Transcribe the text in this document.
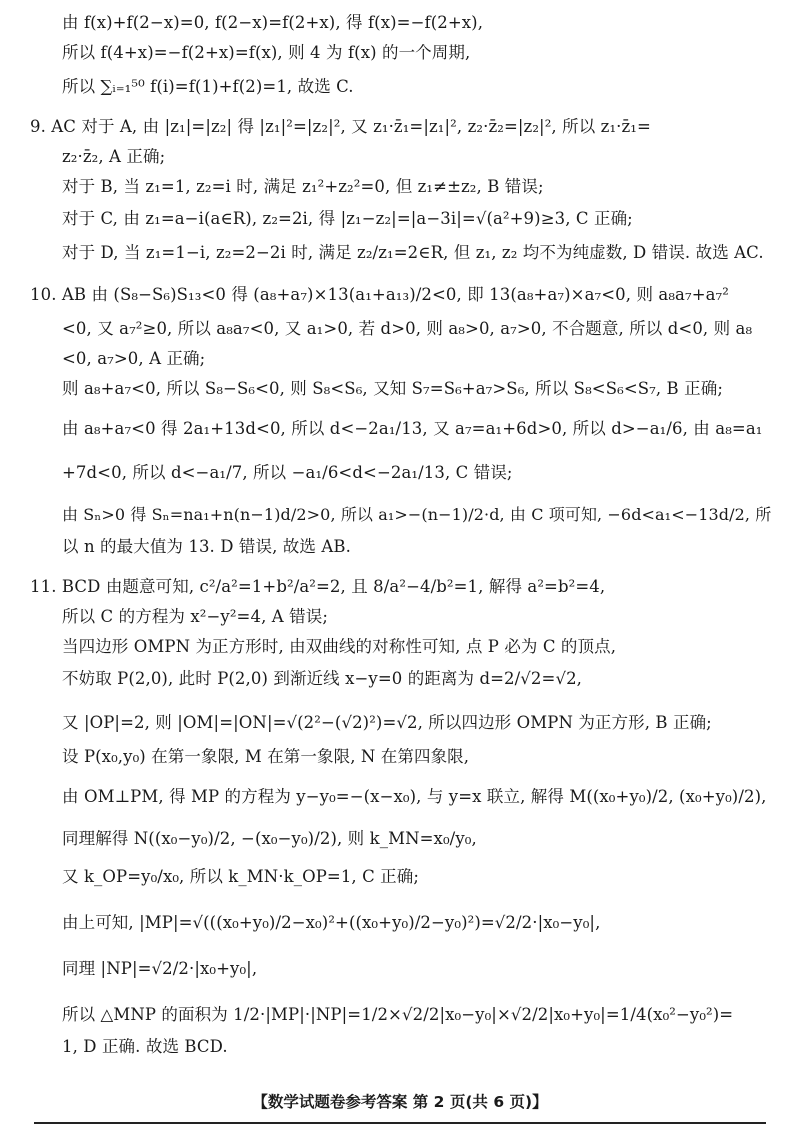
由 f(x)+f(2−x)=0, f(2−x)=f(2+x), 得 f(x)=−f(2+x),
所以 f(4+x)=−f(2+x)=f(x), 则 4 为 f(x) 的一个周期,
所以 ∑ᵢ₌₁⁵⁰ f(i)=f(1)+f(2)=1, 故选 C.
9. AC 对于 A, 由 |z₁|=|z₂| 得 |z₁|²=|z₂|², 又 z₁·z̄₁=|z₁|², z₂·z̄₂=|z₂|², 所以 z₁·z̄₁=
z₂·z̄₂, A 正确;
对于 B, 当 z₁=1, z₂=i 时, 满足 z₁²+z₂²=0, 但 z₁≠±z₂, B 错误;
对于 C, 由 z₁=a−i(a∈R), z₂=2i, 得 |z₁−z₂|=|a−3i|=√(a²+9)≥3, C 正确;
对于 D, 当 z₁=1−i, z₂=2−2i 时, 满足 z₂/z₁=2∈R, 但 z₁, z₂ 均不为纯虚数, D 错误. 故选 AC.
10. AB 由 (S₈−S₆)S₁₃<0 得 (a₈+a₇)×13(a₁+a₁₃)/2<0, 即 13(a₈+a₇)×a₇<0, 则 a₈a₇+a₇²
<0, 又 a₇²≥0, 所以 a₈a₇<0, 又 a₁>0, 若 d>0, 则 a₈>0, a₇>0, 不合题意, 所以 d<0, 则 a₈
<0, a₇>0, A 正确;
则 a₈+a₇<0, 所以 S₈−S₆<0, 则 S₈<S₆, 又知 S₇=S₆+a₇>S₆, 所以 S₈<S₆<S₇, B 正确;
由 a₈+a₇<0 得 2a₁+13d<0, 所以 d<−2a₁/13, 又 a₇=a₁+6d>0, 所以 d>−a₁/6, 由 a₈=a₁
+7d<0, 所以 d<−a₁/7, 所以 −a₁/6<d<−2a₁/13, C 错误;
由 Sₙ>0 得 Sₙ=na₁+n(n−1)d/2>0, 所以 a₁>−(n−1)/2·d, 由 C 项可知, −6d<a₁<−13d/2, 所
以 n 的最大值为 13. D 错误, 故选 AB.
11. BCD 由题意可知, c²/a²=1+b²/a²=2, 且 8/a²−4/b²=1, 解得 a²=b²=4,
所以 C 的方程为 x²−y²=4, A 错误;
当四边形 OMPN 为正方形时, 由双曲线的对称性可知, 点 P 必为 C 的顶点,
不妨取 P(2,0), 此时 P(2,0) 到渐近线 x−y=0 的距离为 d=2/√2=√2,
又 |OP|=2, 则 |OM|=|ON|=√(2²−(√2)²)=√2, 所以四边形 OMPN 为正方形, B 正确;
设 P(x₀,y₀) 在第一象限, M 在第一象限, N 在第四象限,
由 OM⊥PM, 得 MP 的方程为 y−y₀=−(x−x₀), 与 y=x 联立, 解得 M((x₀+y₀)/2, (x₀+y₀)/2),
同理解得 N((x₀−y₀)/2, −(x₀−y₀)/2), 则 k_MN=x₀/y₀,
又 k_OP=y₀/x₀, 所以 k_MN·k_OP=1, C 正确;
由上可知, |MP|=√(((x₀+y₀)/2−x₀)²+((x₀+y₀)/2−y₀)²)=√2/2·|x₀−y₀|,
同理 |NP|=√2/2·|x₀+y₀|,
所以 △MNP 的面积为 1/2·|MP|·|NP|=1/2×√2/2|x₀−y₀|×√2/2|x₀+y₀|=1/4(x₀²−y₀²)=
1, D 正确. 故选 BCD.
【数学试题卷参考答案 第 2 页(共 6 页)】
